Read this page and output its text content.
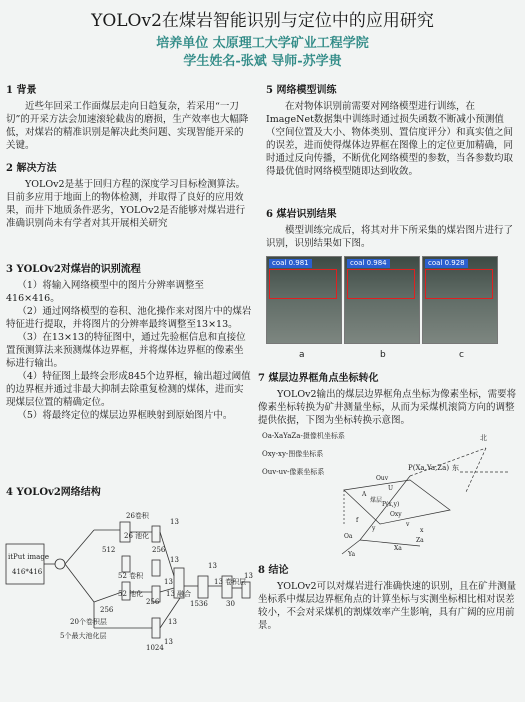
YOLOv2在煤岩智能识别与定位中的应用研究
培养单位 太原理工大学矿业工程学院
学生姓名-张斌 导师-苏学贵
1 背景

近些年回采工作面煤层走向日趋复杂，若采用“一刀切”的开采方法会加速滚轮截齿的磨损，生产效率也大幅降低，对煤岩的精准识别是解决此类问题、实现智能开采的关键。

2 解决方法

YOLOv2是基于回归方程的深度学习目标检测算法。目前多应用于地面上的物体检测，并取得了良好的应用效果，而井下地质条件恶劣，YOLOv2是否能够对煤岩进行准确识别尚未有学者对其开展相关研究

3 YOLOv2对煤岩的识别流程

（1）将输入网络模型中的图片分辨率调整至416×416。

（2）通过网络模型的卷积、池化操作来对图片中的煤岩特征进行提取，并将图片的分辨率最终调整至13×13。

（3）在13×13的特征图中，通过先验框信息和直接位置预测算法来预测煤体边界框，并将煤体边界框的像素坐标进行输出。

（4）特征图上最终会形成845个边界框，输出超过阈值的边界框并通过非最大抑制去除重复检测的煤体，进而实现煤层位置的精确定位。

（5）将最终定位的煤层边界框映射到原始图片中。

4 YOLOv2网络结构
itPut image
416*416
26卷积
26 池化
512	256
13
52 卷积
52 池化
256
13
13
13 融合
1536
13
13 卷积层
30
13
256
20个卷积层
5个最大池化层
13
1024
13
5 网络模型训练

在对物体识别前需要对网络模型进行训练，在ImageNet数据集中训练时通过损失函数不断减小预测值（空间位置及大小、物体类别、置信度评分）和真实值之间的误差，进而使得煤体边界框在图像上的定位更加精确，同时通过反向传播，不断优化网络模型的参数，当各参数均取得最优值时网络模型随即达到收敛。

6 煤岩识别结果

模型训练完成后，将其对井下所采集的煤岩图片进行了识别，识别结果如下图。

coal 0.981	coal 0.984	coal 0.928
a	b	c
7 煤层边界框角点坐标转化

YOLOv2输出的煤层边界框角点坐标为像素坐标，需要将像素坐标转换为矿井测量坐标，从而为采煤机滚筒方向的调整提供依据，下图为坐标转换示意图。

Oa-XaYaZa-摄像机坐标系
Oxy-xy-图像坐标系
Ouv-uv-像素坐标系	P(Xa,Ya,Za) 东
北
Ouv
A
U
P(x,y)
煤层
Oxy
v
Xa
Za
Oa
y	x
f
Ya
8 结论

YOLOv2可以对煤岩进行准确快速的识别，且在矿井测量坐标系中煤层边界框角点的计算坐标与实测坐标相比相对误差较小，不会对采煤机的割煤效率产生影响，具有广阔的应用前景。
